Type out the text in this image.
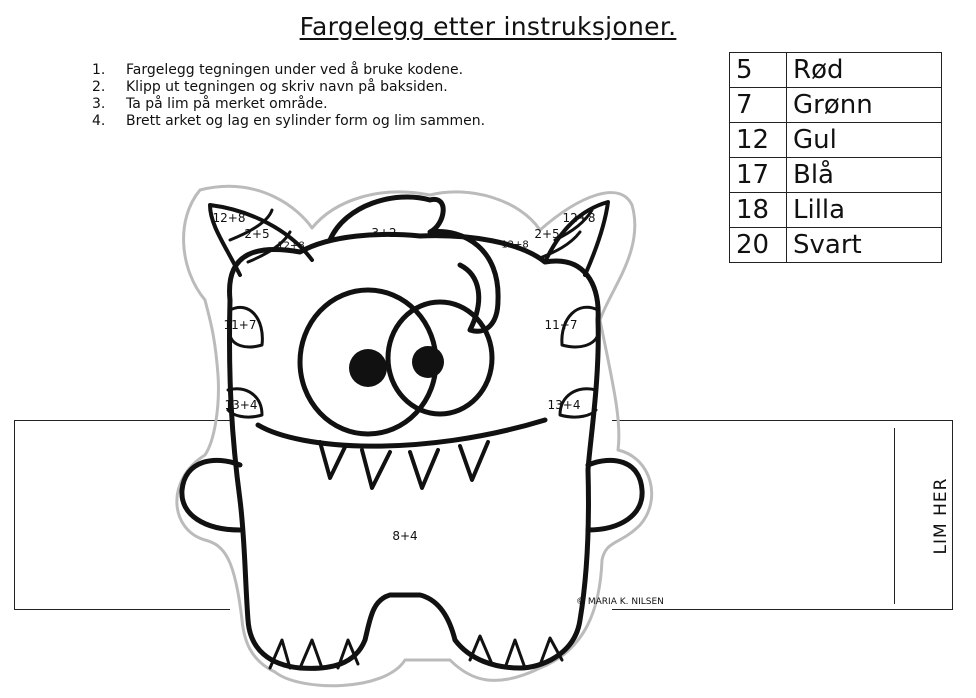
Fargelegg etter instruksjoner.
1.	Fargelegg tegningen under ved å bruke kodene.
2.	Klipp ut tegningen og skriv navn på baksiden.
3.	Ta på lim på merket område.
4.	Brett arket og lag en sylinder form og lim sammen.
5	Rød
7	Grønn
12	Gul
17	Blå
18	Lilla
20	Svart
LIM HER
12+8
2+5
12+8
3+2
12+8
2+5
12+8
11+7	11+7
13+4	13+4
8+4
© MARIA K. NILSEN
